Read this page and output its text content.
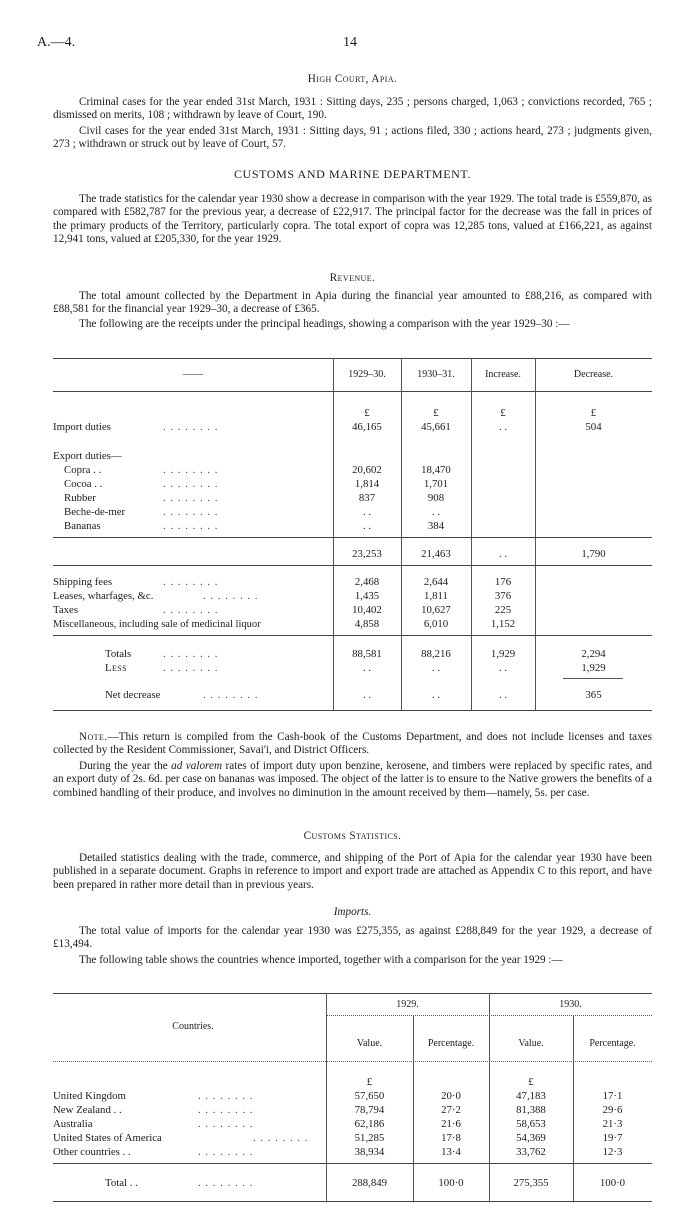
A.—4.	14
High Court, Apia.
Criminal cases for the year ended 31st March, 1931 : Sitting days, 235 ; persons charged, 1,063 ; convictions recorded, 765 ; dismissed on merits, 108 ; withdrawn by leave of Court, 190.
Civil cases for the year ended 31st March, 1931 : Sitting days, 91 ; actions filed, 330 ; actions heard, 273 ; judgments given, 273 ; withdrawn or struck out by leave of Court, 57.
CUSTOMS AND MARINE DEPARTMENT.
The trade statistics for the calendar year 1930 show a decrease in comparison with the year 1929. The total trade is £559,870, as compared with £582,787 for the previous year, a decrease of £22,917. The principal factor for the decrease was the fall in prices of the primary products of the Territory, particularly copra. The total export of copra was 12,285 tons, valued at £166,221, as against 12,941 tons, valued at £205,330, for the year 1929.
Revenue.
The total amount collected by the Department in Apia during the financial year amounted to £88,216, as compared with £88,581 for the financial year 1929–30, a decrease of £365.
The following are the receipts under the principal headings, showing a comparison with the year 1929–30 :—
——	1929–30.	1930–31.	Increase.	Decrease.
£	£	£	£
Import duties	. . . . . . . .	46,165	45,661	. .	504
Export duties—
Copra . .	. . . . . . . .	20,602	18,470
Cocoa . .	. . . . . . . .	1,814	1,701
Rubber	. . . . . . . .	837	908
Beche-de-mer	. . . . . . . .	. .	. .
Bananas	. . . . . . . .	. .	384
23,253	21,463	. .	1,790
Shipping fees	. . . . . . . .	2,468	2,644	176
Leases, wharfages, &c.	. . . . . . . .	1,435	1,811	376
Taxes	. . . . . . . .	10,402	10,627	225
Miscellaneous, including sale of medicinal liquor	4,858	6,010	1,152
Totals	. . . . . . . .	88,581	88,216	1,929	2,294
Less	. . . . . . . .	. .	. .	. .	1,929
Net decrease	. . . . . . . .	. .	. .	. .	365
Note.—This return is compiled from the Cash-book of the Customs Department, and does not include licenses and taxes collected by the Resident Commissioner, Savai'i, and District Officers.
During the year the ad valorem rates of import duty upon benzine, kerosene, and timbers were replaced by specific rates, and an export duty of 2s. 6d. per case on bananas was imposed. The object of the latter is to ensure to the Native growers the benefits of a combined handling of their produce, and involves no diminution in the amount received by them—namely, 5s. per case.
Customs Statistics.
Detailed statistics dealing with the trade, commerce, and shipping of the Port of Apia for the calendar year 1930 have been published in a separate document. Graphs in reference to import and export trade are attached as Appendix C to this report, and have been prepared in rather more detail than in previous years.
Imports.
The total value of imports for the calendar year 1930 was £275,355, as against £288,849 for the year 1929, a decrease of £13,494.
The following table shows the countries whence imported, together with a comparison for the year 1929 :—
Countries.
1929.	1930.
Value.	Percentage.	Value.	Percentage.
£	£
United Kingdom	. . . . . . . .	57,650	20·0	47,183	17·1
New Zealand . .	. . . . . . . .	78,794	27·2	81,388	29·6
Australia	. . . . . . . .	62,186	21·6	58,653	21·3
United States of America	. . . . . . . .	51,285	17·8	54,369	19·7
Other countries . .	. . . . . . . .	38,934	13·4	33,762	12·3
Total . .	. . . . . . . .	288,849	100·0	275,355	100·0
